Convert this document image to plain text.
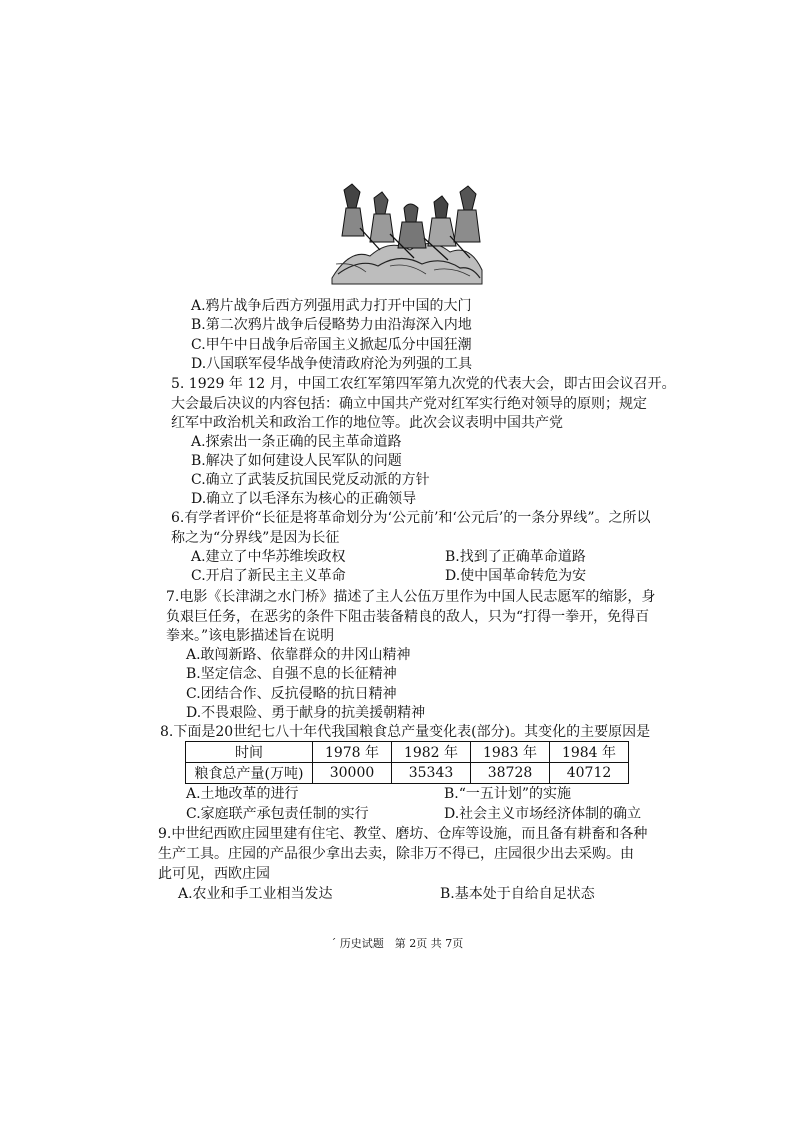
A.鸦片战争后西方列强用武力打开中国的大门
B.第二次鸦片战争后侵略势力由沿海深入内地
C.甲午中日战争后帝国主义掀起瓜分中国狂潮
D.八国联军侵华战争使清政府沦为列强的工具
5. 1929 年 12 月，中国工农红军第四军第九次党的代表大会，即古田会议召开。
大会最后决议的内容包括：确立中国共产党对红军实行绝对领导的原则；规定
红军中政治机关和政治工作的地位等。此次会议表明中国共产党
A.探索出一条正确的民主革命道路
B.解决了如何建设人民军队的问题
C.确立了武装反抗国民党反动派的方针
D.确立了以毛泽东为核心的正确领导
6.有学者评价“长征是将革命划分为‘公元前’和‘公元后’的一条分界线”。之所以
称之为“分界线”是因为长征
A.建立了中华苏维埃政权	B.找到了正确革命道路
C.开启了新民主主义革命	D.使中国革命转危为安
7.电影《长津湖之水门桥》描述了主人公伍万里作为中国人民志愿军的缩影，身
负艰巨任务，在恶劣的条件下阻击装备精良的敌人，只为“打得一拳开，免得百
拳来。”该电影描述旨在说明
A.敢闯新路、依靠群众的井冈山精神
B.坚定信念、自强不息的长征精神
C.团结合作、反抗侵略的抗日精神
D.不畏艰险、勇于献身的抗美援朝精神
8.下面是20世纪七八十年代我国粮食总产量变化表(部分)。其变化的主要原因是
时间	1978 年	1982 年	1983 年	1984 年
粮食总产量(万吨)	30000	35343	38728	40712
A.土地改革的进行	B.“一五计划”的实施
C.家庭联产承包责任制的实行	D.社会主义市场经济体制的确立
9.中世纪西欧庄园里建有住宅、教堂、磨坊、仓库等设施，而且备有耕畜和各种
生产工具。庄园的产品很少拿出去卖，除非万不得已，庄园很少出去采购。由
此可见，西欧庄园
A.农业和手工业相当发达	B.基本处于自给自足状态
ˊ 历史试题　第 2页 共 7页
